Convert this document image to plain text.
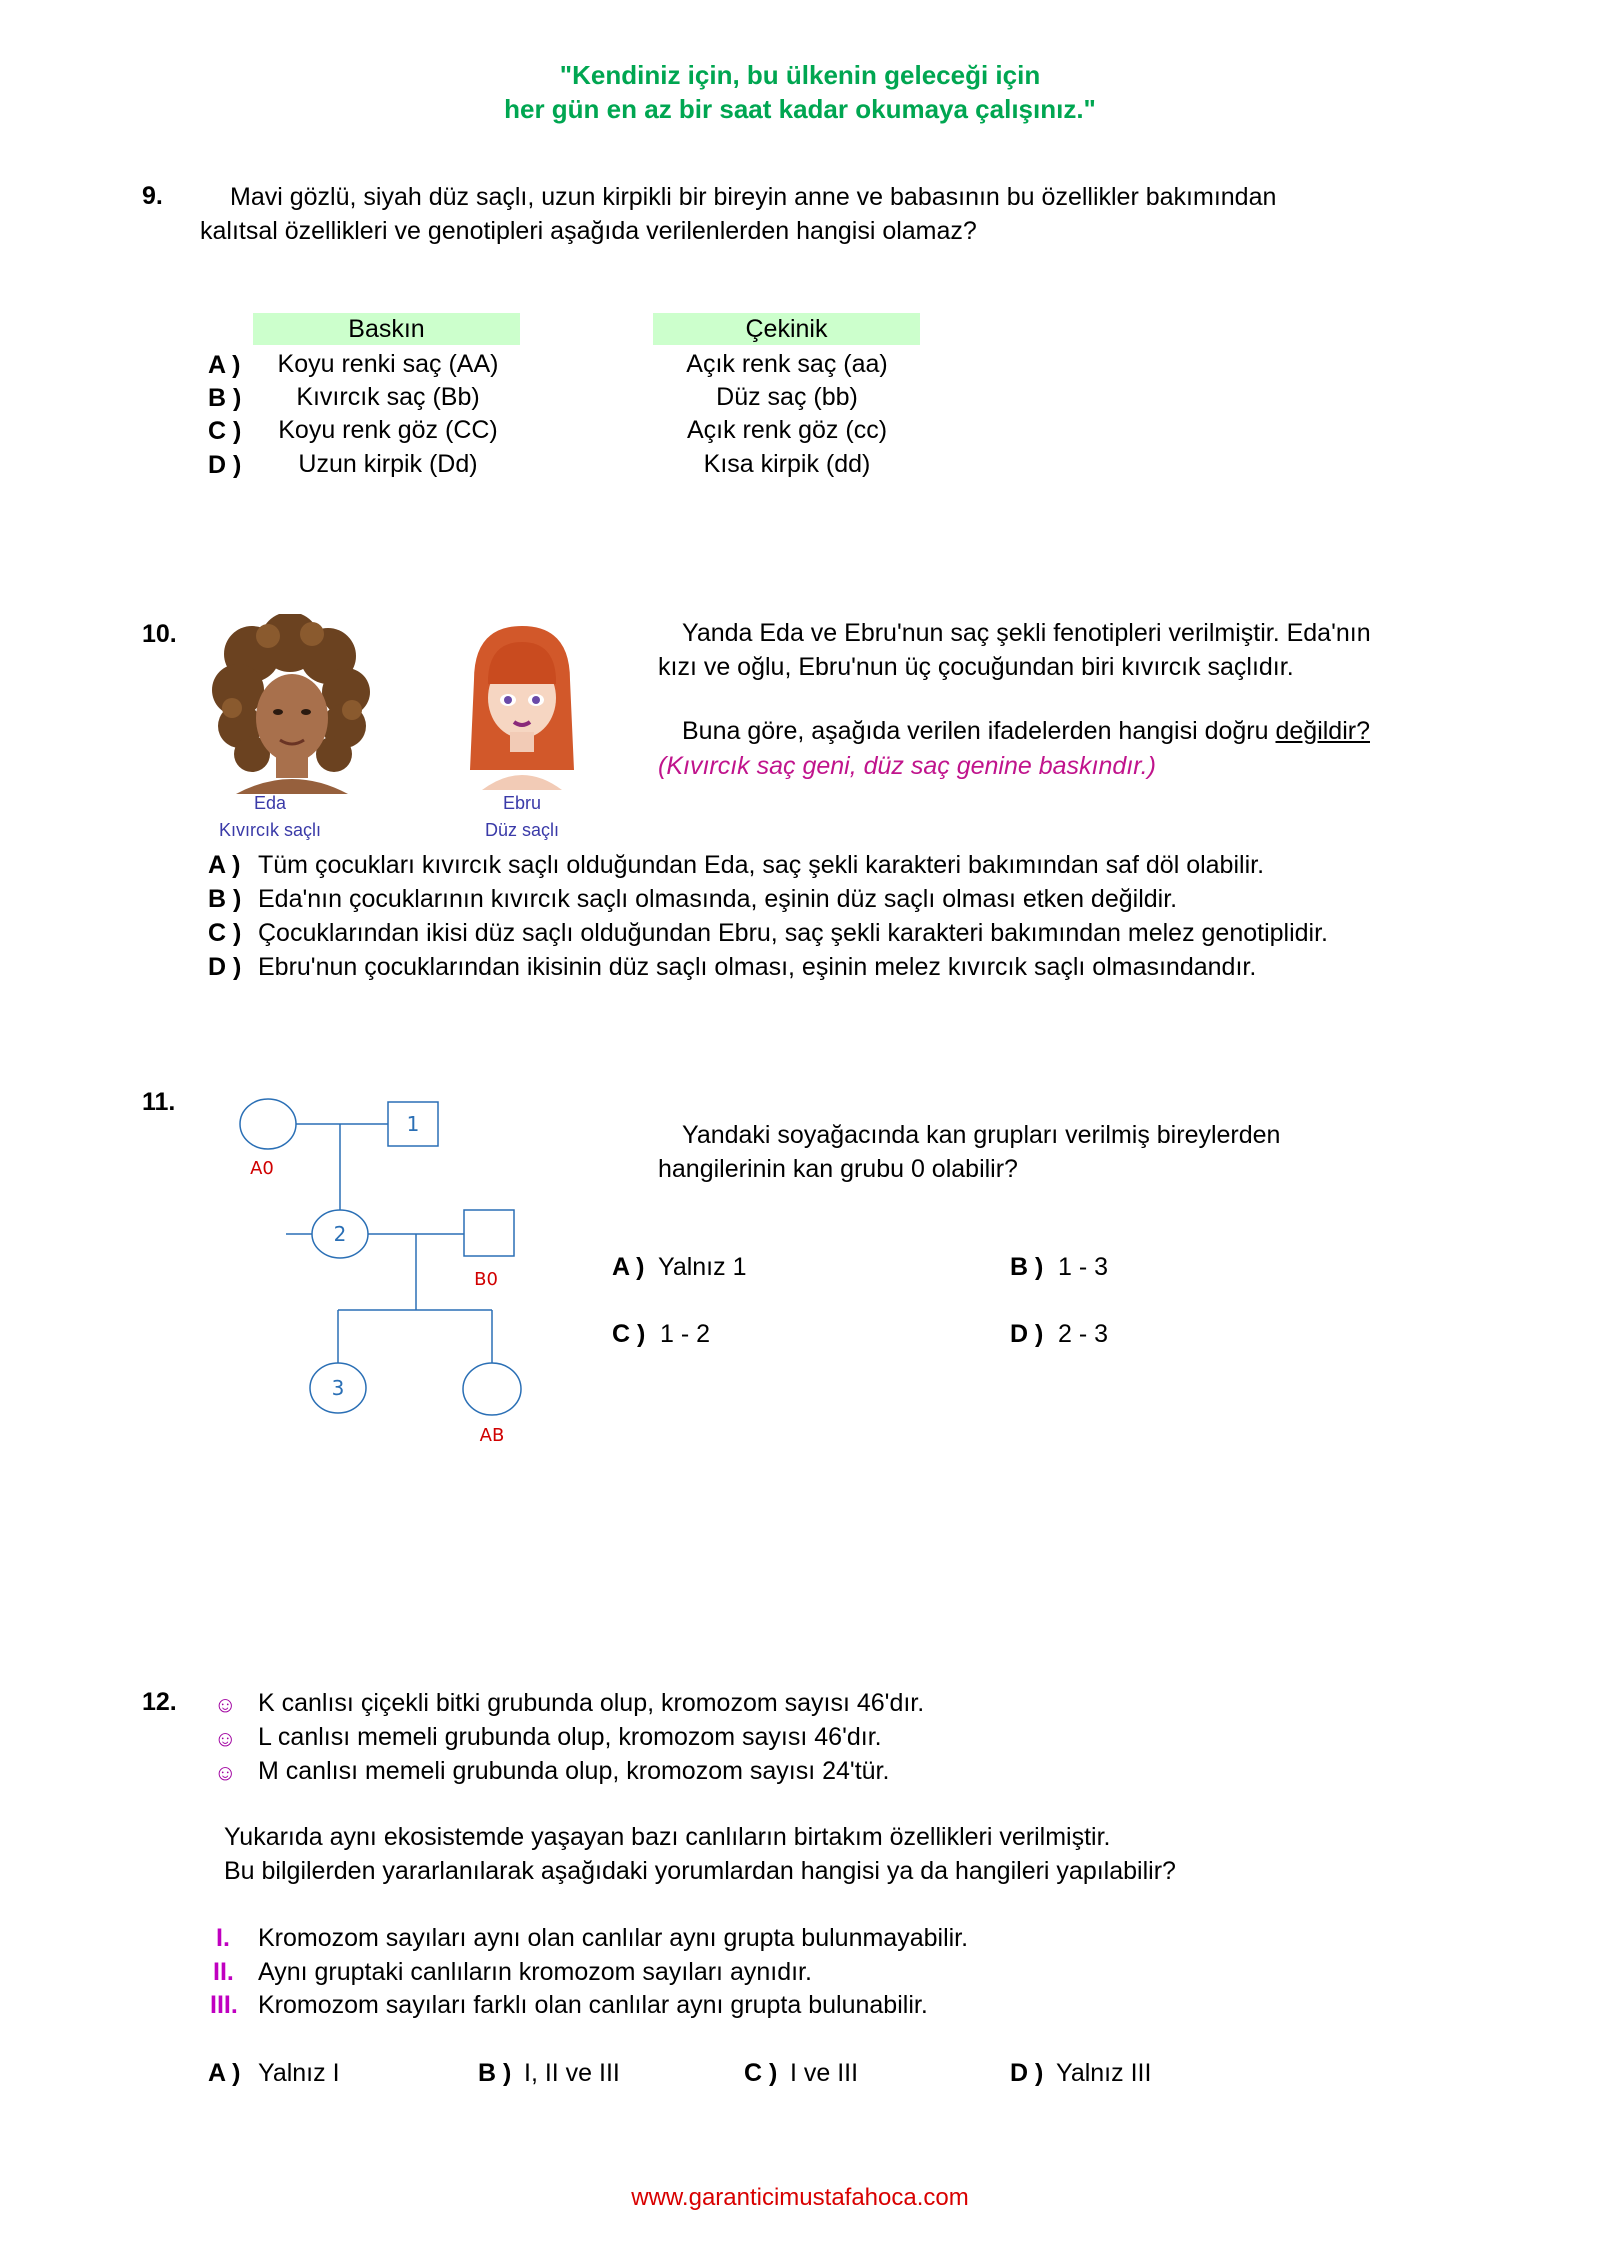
"Kendiniz için, bu ülkenin geleceği için
her gün en az bir saat kadar okumaya çalışınız."
9.	Mavi gözlü, siyah düz saçlı, uzun kirpikli bir bireyin anne ve babasının bu özellikler bakımından
kalıtsal özellikleri ve genotipleri aşağıda verilenlerden hangisi olamaz?
Baskın	Çekinik
A )	Koyu renki saç (AA)	Açık renk saç (aa)
B )	Kıvırcık saç (Bb)	Düz saç (bb)
C )	Koyu renk göz (CC)	Açık renk göz (cc)
D )	Uzun kirpik (Dd)	Kısa kirpik (dd)
10.
Eda
Kıvırcık saçlı
Ebru
Düz saçlı
Yanda Eda ve Ebru'nun saç şekli fenotipleri verilmiştir. Eda'nın
kızı ve oğlu, Ebru'nun üç çocuğundan biri kıvırcık saçlıdır.
Buna göre, aşağıda verilen ifadelerden hangisi doğru değildir?
(Kıvırcık saç geni, düz saç genine baskındır.)
A ) Tüm çocukları kıvırcık saçlı olduğundan Eda, saç şekli karakteri bakımından saf döl olabilir.
B ) Eda'nın çocuklarının kıvırcık saçlı olmasında, eşinin düz saçlı olması etken değildir.
C ) Çocuklarından ikisi düz saçlı olduğundan Ebru, saç şekli karakteri bakımından melez genotiplidir.
D ) Ebru'nun çocuklarından ikisinin düz saçlı olması, eşinin melez kıvırcık saçlı olmasındandır.
11.
1
2
3
A0
B0
AB
Yandaki soyağacında kan grupları verilmiş bireylerden
hangilerinin kan grubu 0 olabilir?
A ) Yalnız 1	B ) 1 - 3
C ) 1 - 2	D ) 2 - 3
12. ☺ K canlısı çiçekli bitki grubunda olup, kromozom sayısı 46'dır.
☺ L canlısı memeli grubunda olup, kromozom sayısı 46'dır.
☺ M canlısı memeli grubunda olup, kromozom sayısı 24'tür.
Yukarıda aynı ekosistemde yaşayan bazı canlıların birtakım özellikleri verilmiştir.
Bu bilgilerden yararlanılarak aşağıdaki yorumlardan hangisi ya da hangileri yapılabilir?
I. Kromozom sayıları aynı olan canlılar aynı grupta bulunmayabilir.
II. Aynı gruptaki canlıların kromozom sayıları aynıdır.
III. Kromozom sayıları farklı olan canlılar aynı grupta bulunabilir.
A ) Yalnız I	B ) I, II ve III	C ) I ve III	D ) Yalnız III
www.garanticimustafahoca.com
